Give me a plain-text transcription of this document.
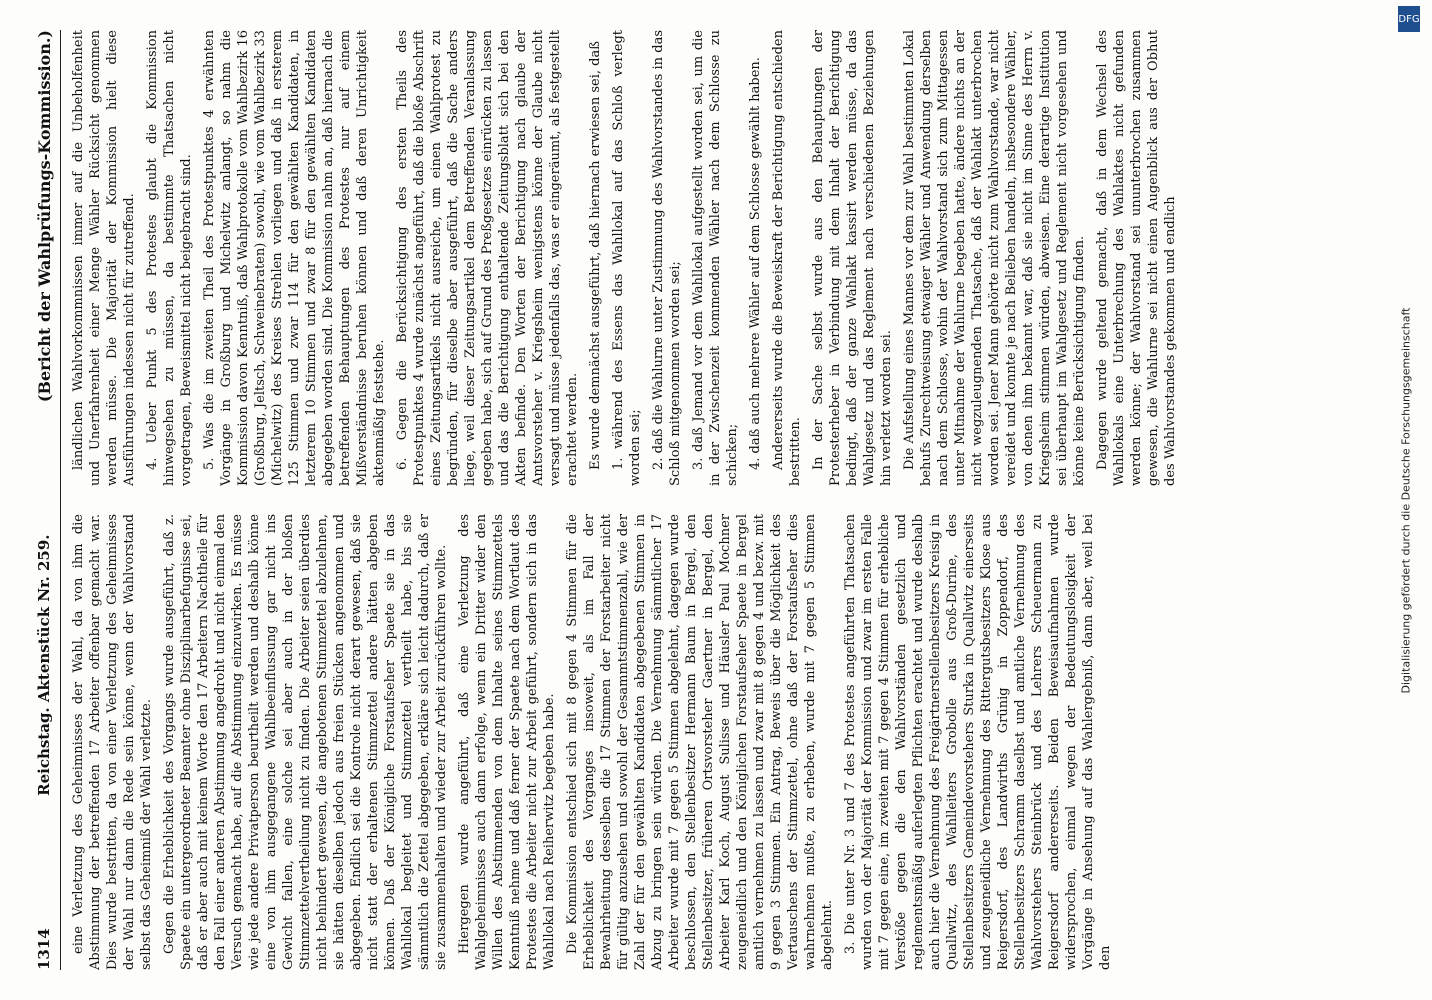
1314
Reichstag. Aktenstück Nr. 259.
(Bericht der Wahlprüfungs-Kommission.)

eine Verletzung des Geheimnisses der Wahl, da von ihm die Abstimmung der betreffenden 17 Arbeiter offenbar gemacht war. Dies wurde bestritten, da von einer Verletzung des Geheimnisses der Wahl nur dann die Rede sein könne, wenn der Wahlvorstand selbst das Geheimniß der Wahl verletzte. Gegen die Erheblichkeit des Vorgangs wurde ausgeführt, daß z. Spaete ein untergeordneter Beamter ohne Disziplinarbefugnisse sei, daß er aber auch mit keinem Worte den 17 Arbeitern Nachtheile für den Fall einer anderen Abstimmung angedroht und nicht einmal den Versuch gemacht habe, auf die Abstimmung einzuwirken. Es müsse wie jede andere Privatperson beurtheilt werden und deshalb könne eine von ihm ausgegangene Wahlbeeinflussung gar nicht ins Gewicht fallen, eine solche sei aber auch in der bloßen Stimmzettelvertheilung nicht zu finden. Die Arbeiter seien überdies nicht behindert gewesen, die angebotenen Stimmzettel abzulehnen, sie hätten dieselben jedoch aus freien Stücken angenommen und abgegeben. Endlich sei die Kontrole nicht derart gewesen, daß sie nicht statt der erhaltenen Stimmzettel andere hätten abgeben können. Daß der Königliche Forstaufseher Spaete sie in das Wahllokal begleitet und Stimmzettel vertheilt habe, bis sie sämmtlich die Zettel abgegeben, erkläre sich leicht dadurch, daß er sie zusammenhalten und wieder zur Arbeit zurückführen wollte. Hiergegen wurde angeführt, daß eine Verletzung des Wahlgeheimnisses auch dann erfolge, wenn ein Dritter wider den Willen des Abstimmenden von dem Inhalte seines Stimmzettels Kenntniß nehme und daß ferner der Spaete nach dem Wortlaut des Protestes die Arbeiter nicht zur Arbeit geführt, sondern sich in das Wahllokal nach Reiherwitz begeben habe. Die Kommission entschied sich mit 8 gegen 4 Stimmen für die Erheblichkeit des Vorganges insoweit, als im Fall der Bewahrheitung desselben die 17 Stimmen der Forstarbeiter nicht für gültig anzusehen und sowohl der Gesammtstimmenzahl, wie der Zahl der für den gewählten Kandidaten abgegebenen Stimmen in Abzug zu bringen sein würden. Die Vernehmung sämmtlicher 17 Arbeiter wurde mit 7 gegen 5 Stimmen abgelehnt, dagegen wurde beschlossen, den Stellenbesitzer Hermann Baum in Bergel, den Stellenbesitzer, früheren Ortsvorsteher Gaertner in Bergel, den Arbeiter Karl Koch, August Sulisse und Häusler Paul Mochner zeugeneidlich und den Königlichen Forstaufseher Spaete in Bergel amtlich vernehmen zu lassen und zwar mit 8 gegen 4 und bezw. mit 9 gegen 3 Stimmen. Ein Antrag, Beweis über die Möglichkeit des Vertauschens der Stimmzettel, ohne daß der Forstaufseher dies wahrnehmen mußte, zu erheben, wurde mit 7 gegen 5 Stimmen abgelehnt. 3. Die unter Nr. 3 und 7 des Protestes angeführten Thatsachen wurden von der Majorität der Kommission und zwar im ersten Falle mit 7 gegen eine, im zweiten mit 7 gegen 4 Stimmen für erhebliche Verstöße gegen die den Wahlvorständen gesetzlich und reglementsmäßig auferlegten Pflichten erachtet und wurde deshalb auch hier die Vernehmung des Freigärtnerstellenbesitzers Kreisig in Quallwitz, des Wahlleiters Grobolle aus Groß-Durine, des Stellenbesitzers Gemeindevorstehers Sturka in Quallwitz einerseits und zeugeneidliche Vernehmung des Rittergutsbesitzers Klose aus Reigersdorf, des Landwirths Grünig in Zoppendorf, des Stellenbesitzers Schramm daselbst und amtliche Vernehmung des Wahlvorstehers Steinbrück und des Lehrers Scheuermann zu Reigersdorf andererseits. Beiden Beweisaufnahmen wurde widersprochen, einmal wegen der Bedeutungslosigkeit der Vorgänge in Ansehung auf das Wahlergebniß, dann aber, weil bei den

ländlichen Wahlvorkommnissen immer auf die Unbeholfenheit und Unerfahrenheit einer Menge Wähler Rücksicht genommen werden müsse. Die Majorität der Kommission hielt diese Ausführungen indessen nicht für zutreffend. 4. Ueber Punkt 5 des Protestes glaubt die Kommission hinwegsehen zu müssen, da bestimmte Thatsachen nicht vorgetragen, Beweismittel nicht beigebracht sind. 5. Was die im zweiten Theil des Protestpunktes 4 erwähnten Vorgänge in Großburg und Michelwitz anlangt, so nahm die Kommission davon Kenntniß, daß Wahlprotokolle vom Wahlbezirk 16 (Großburg, Jeltsch, Schweinebraten) sowohl, wie vom Wahlbezirk 33 (Michelwitz) des Kreises Strehlen vorliegen und daß in ersterem 125 Stimmen und zwar 114 für den gewählten Kandidaten, in letzterem 10 Stimmen und zwar 8 für den gewählten Kandidaten abgegeben worden sind. Die Kommission nahm an, daß hiernach die betreffenden Behauptungen des Protestes nur auf einem Mißverständnisse beruhen können und daß deren Unrichtigkeit aktenmäßig feststehe. 6. Gegen die Berücksichtigung des ersten Theils des Protestpunktes 4 wurde zunächst angeführt, daß die bloße Abschrift eines Zeitungsartikels nicht ausreiche, um einen Wahlprotest zu begründen, für dieselbe aber ausgeführt, daß die Sache anders liege, weil dieser Zeitungsartikel dem Betreffenden Veranlassung gegeben habe, sich auf Grund des Preßgesetzes einrücken zu lassen und das die Berichtigung enthaltende Zeitungsblatt sich bei den Akten befinde. Den Worten der Berichtigung nach glaube der Amtsvorsteher v. Kriegsheim wenigstens könne der Glaube nicht versagt und müsse jedenfalls das, was er eingeräumt, als festgestellt erachtet werden. Es wurde demnächst ausgeführt, daß hiernach erwiesen sei, daß 1. während des Essens das Wahllokal auf das Schloß verlegt worden sei; 2. daß die Wahlurne unter Zustimmung des Wahlvorstandes in das Schloß mitgenommen worden sei; 3. daß Jemand vor dem Wahllokal aufgestellt worden sei, um die in der Zwischenzeit kommenden Wähler nach dem Schlosse zu schicken; 4. daß auch mehrere Wähler auf dem Schlosse gewählt haben. Andererseits wurde die Beweiskraft der Berichtigung entschieden bestritten. In der Sache selbst wurde aus den Behauptungen der Protesterheber in Verbindung mit dem Inhalt der Berichtigung bedingt, daß der ganze Wahlakt kassirt werden müsse, da das Wahlgesetz und das Reglement nach verschiedenen Beziehungen hin verletzt worden sei. Die Aufstellung eines Mannes vor dem zur Wahl bestimmten Lokal behufs Zurechtweisung etwaiger Wähler und Anwendung derselben nach dem Schlosse, wohin der Wahlvorstand sich zum Mittagessen unter Mitnahme der Wahlurne begeben hatte, ändere nichts an der nicht wegzuleugnenden Thatsache, daß der Wahlakt unterbrochen worden sei. Jener Mann gehörte nicht zum Wahlvorstande, war nicht vereidet und konnte je nach Belieben handeln, insbesondere Wähler, von denen ihm bekannt war, daß sie nicht im Sinne des Herrn v. Kriegsheim stimmen würden, abweisen. Eine derartige Institution sei überhaupt im Wahlgesetz und Reglement nicht vorgesehen und könne keine Berücksichtigung finden. Dagegen wurde geltend gemacht, daß in dem Wechsel des Wahllokals eine Unterbrechung des Wahlaktes nicht gefunden werden könne; der Wahlvorstand sei ununterbrochen zusammen gewesen, die Wahlurne sei nicht einen Augenblick aus der Obhut des Wahlvorstandes gekommen und endlich

DFG
Digitalisierung gefördert durch die Deutsche Forschungsgemeinschaft
